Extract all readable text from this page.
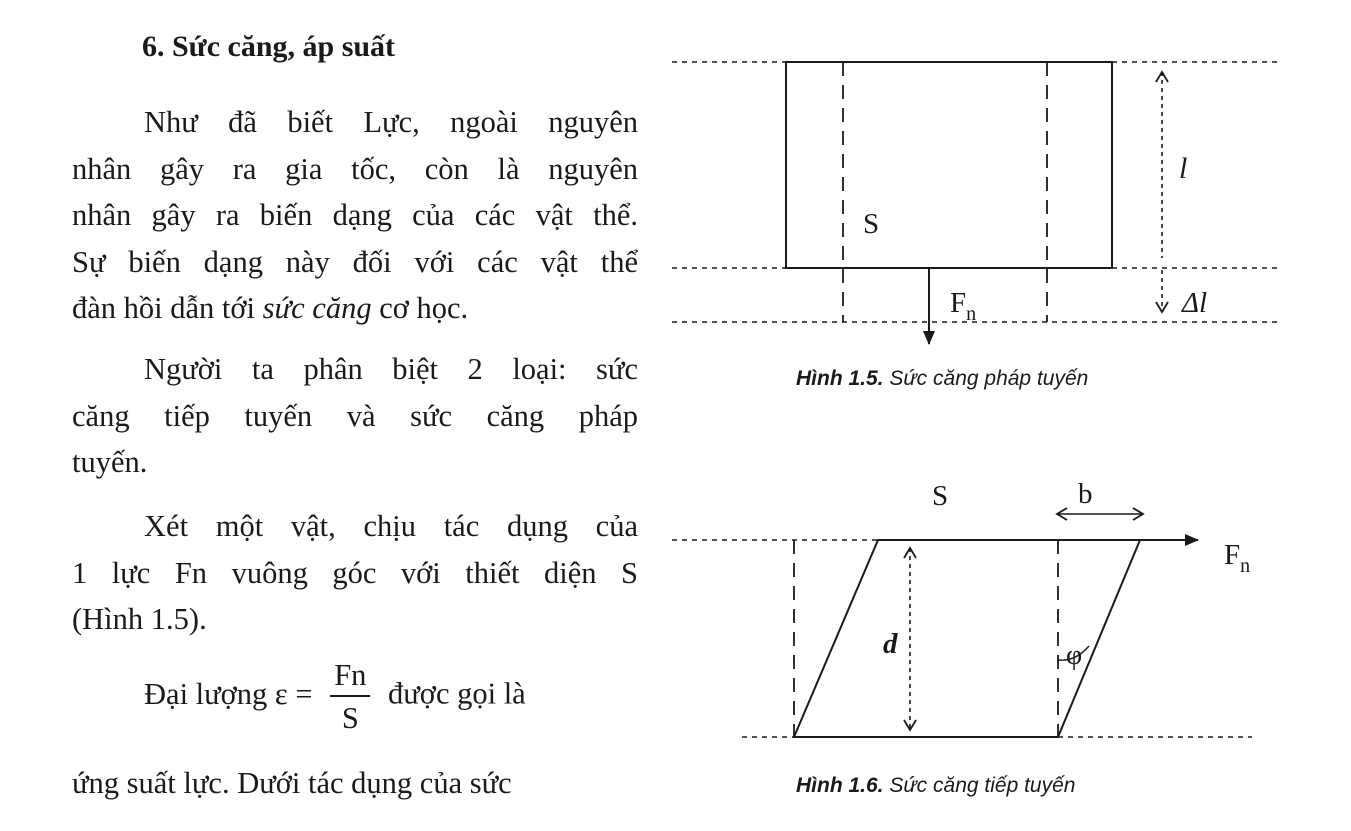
6. Sức căng, áp suất

Như đã biết Lực, ngoài nguyên
nhân gây ra gia tốc, còn là nguyên
nhân gây ra biến dạng của các vật thể.
Sự biến dạng này đối với các vật thể
đàn hồi dẫn tới sức căng cơ học.

Người ta phân biệt 2 loại: sức
căng tiếp tuyến và sức căng pháp
tuyến.

Xét một vật, chịu tác dụng của
1 lực Fn vuông góc với thiết diện S
(Hình 1.5).

Đại lượng $\varepsilon = \frac{Fn}{S}$ được gọi là

ứng suất lực. Dưới tác dụng của sức

S
$F_n$
l
Δl
S	b
$F_n$
d	φ
Hình 1.5. Sức căng pháp tuyến
Hình 1.6. Sức căng tiếp tuyến
